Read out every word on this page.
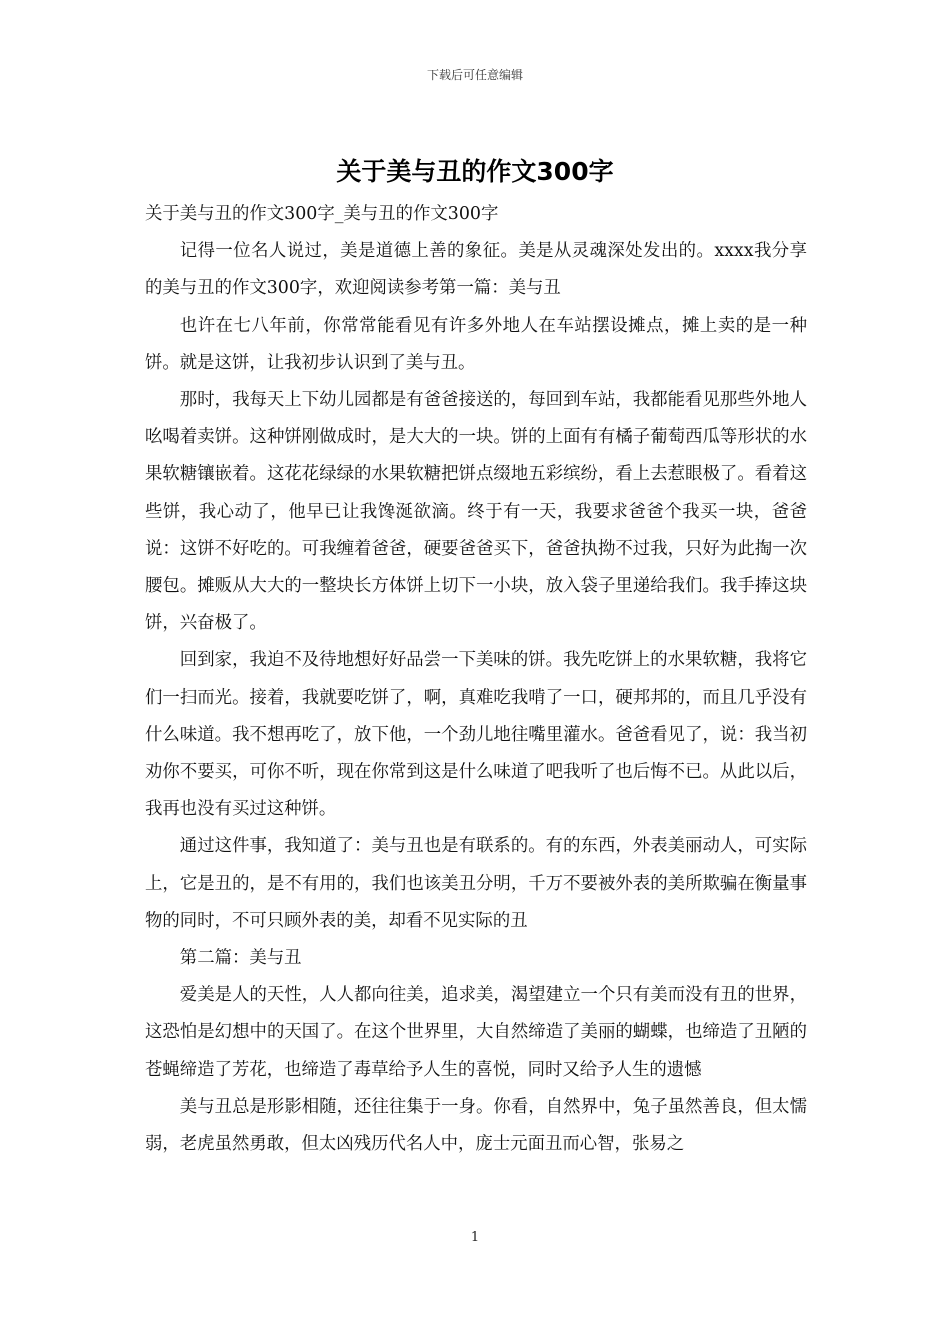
下载后可任意编辑
关于美与丑的作文300字

关于美与丑的作文300字_美与丑的作文300字

记得一位名人说过，美是道德上善的象征。美是从灵魂深处发出的。xxxx我分享的美与丑的作文300字，欢迎阅读参考第一篇：美与丑

也许在七八年前，你常常能看见有许多外地人在车站摆设摊点，摊上卖的是一种饼。就是这饼，让我初步认识到了美与丑。

那时，我每天上下幼儿园都是有爸爸接送的，每回到车站，我都能看见那些外地人吆喝着卖饼。这种饼刚做成时，是大大的一块。饼的上面有有橘子葡萄西瓜等形状的水果软糖镶嵌着。这花花绿绿的水果软糖把饼点缀地五彩缤纷，看上去惹眼极了。看着这些饼，我心动了，他早已让我馋涎欲滴。终于有一天，我要求爸爸个我买一块，爸爸说：这饼不好吃的。可我缠着爸爸，硬要爸爸买下，爸爸执拗不过我，只好为此掏一次腰包。摊贩从大大的一整块长方体饼上切下一小块，放入袋子里递给我们。我手捧这块饼，兴奋极了。

回到家，我迫不及待地想好好品尝一下美味的饼。我先吃饼上的水果软糖，我将它们一扫而光。接着，我就要吃饼了，啊，真难吃我啃了一口，硬邦邦的，而且几乎没有什么味道。我不想再吃了，放下他，一个劲儿地往嘴里灌水。爸爸看见了，说：我当初劝你不要买，可你不听，现在你常到这是什么味道了吧我听了也后悔不已。从此以后，我再也没有买过这种饼。

通过这件事，我知道了：美与丑也是有联系的。有的东西，外表美丽动人，可实际上，它是丑的，是不有用的，我们也该美丑分明，千万不要被外表的美所欺骗在衡量事物的同时，不可只顾外表的美，却看不见实际的丑

第二篇：美与丑

爱美是人的天性，人人都向往美，追求美，渴望建立一个只有美而没有丑的世界，这恐怕是幻想中的天国了。在这个世界里，大自然缔造了美丽的蝴蝶，也缔造了丑陋的苍蝇缔造了芳花，也缔造了毒草给予人生的喜悦，同时又给予人生的遗憾

美与丑总是形影相随，还往往集于一身。你看，自然界中，兔子虽然善良，但太懦弱，老虎虽然勇敢，但太凶残历代名人中，庞士元面丑而心智，张易之

1
